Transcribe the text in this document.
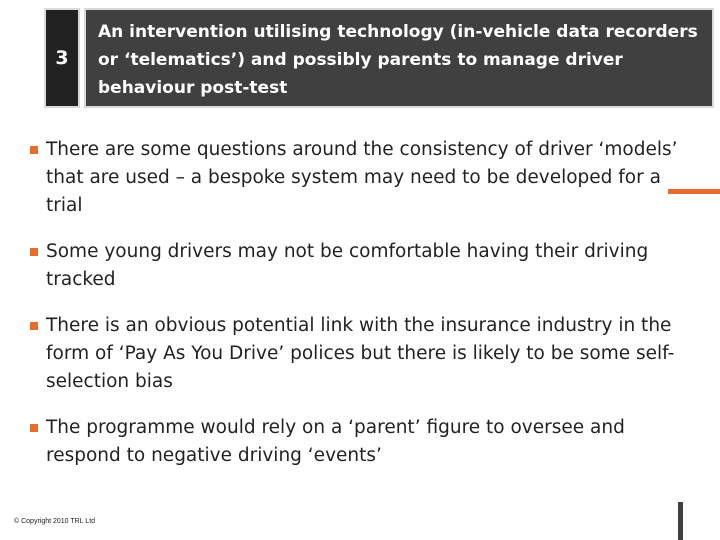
3
An intervention utilising technology (in-vehicle data recorders or ‘telematics’) and possibly parents to manage driver behaviour post-test
There are some questions around the consistency of driver ‘models’ that are used – a bespoke system may need to be developed for a trial
Some young drivers may not be comfortable having their driving tracked
There is an obvious potential link with the insurance industry in the form of ‘Pay As You Drive’ polices but there is likely to be some self-selection bias
The programme would rely on a ‘parent’ figure to oversee and respond to negative driving ‘events’
© Copyright 2010 TRL Ltd
